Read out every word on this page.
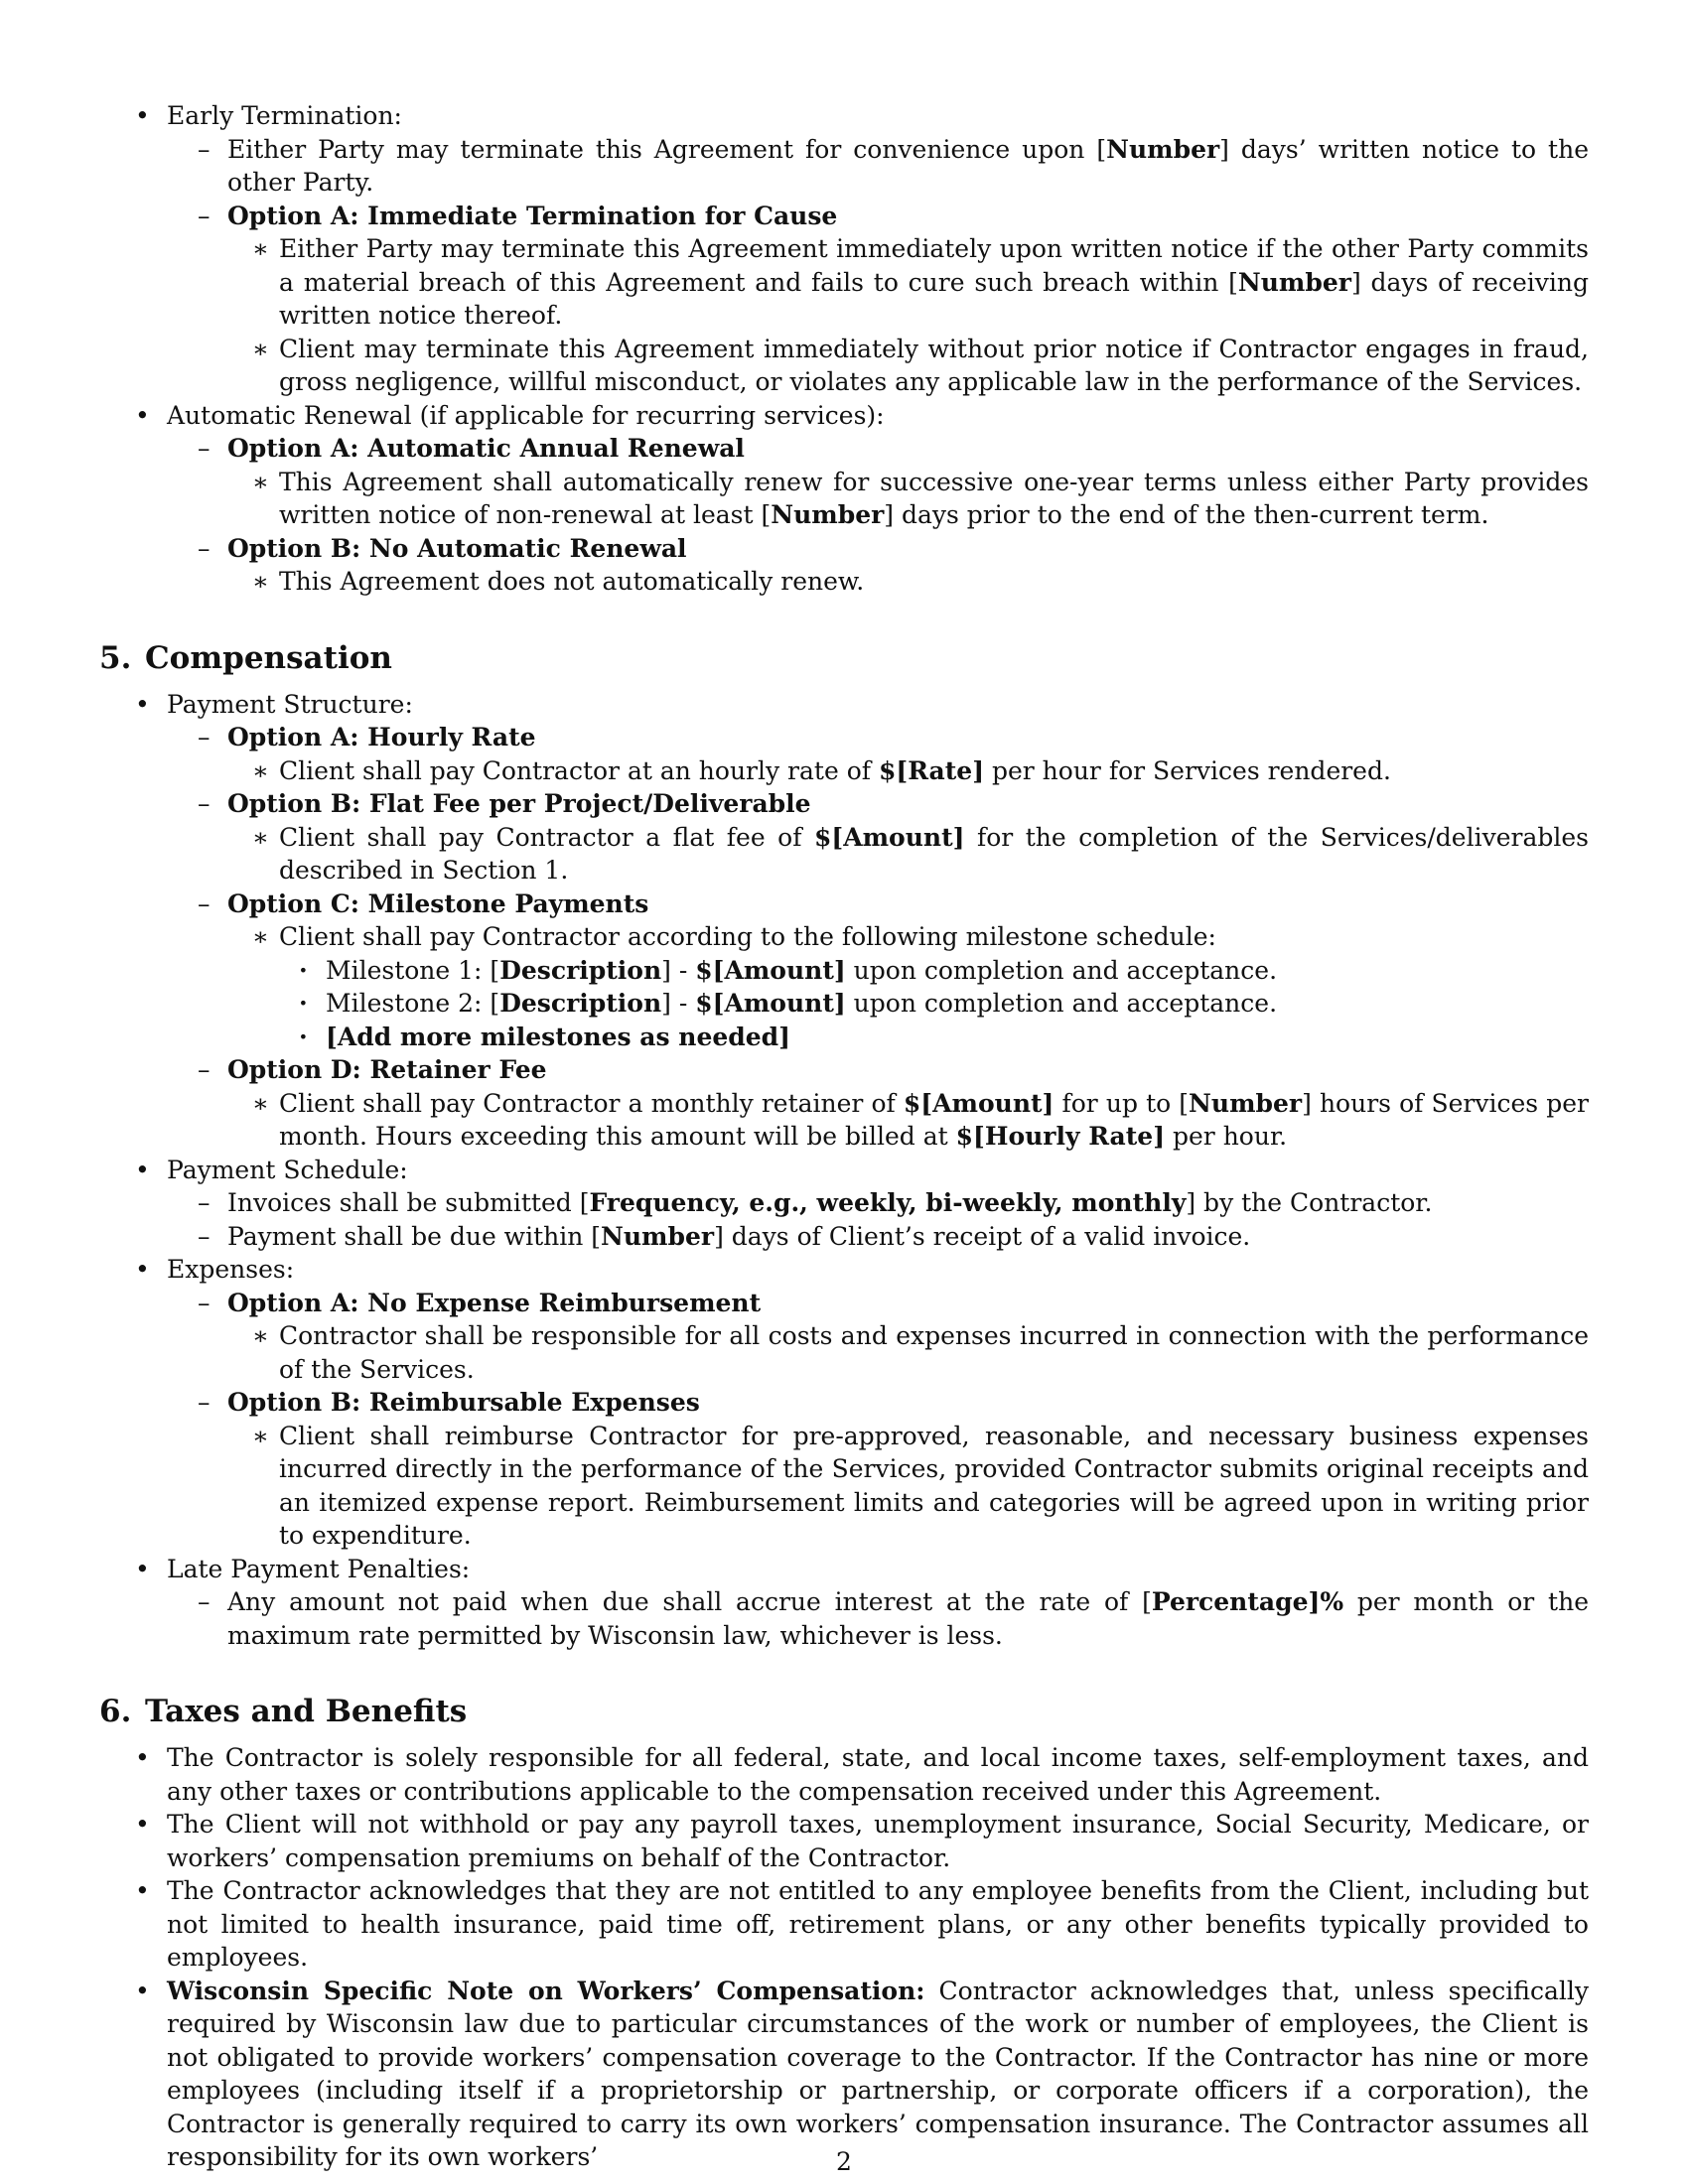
• Early Termination:
– Either Party may terminate this Agreement for convenience upon [Number] days’ written notice to the other Party.
– Option A: Immediate Termination for Cause
∗ Either Party may terminate this Agreement immediately upon written notice if the other Party commits a material breach of this Agreement and fails to cure such breach within [Number] days of receiving written notice thereof.
∗ Client may terminate this Agreement immediately without prior notice if Contractor engages in fraud, gross negligence, willful misconduct, or violates any applicable law in the performance of the Services.
• Automatic Renewal (if applicable for recurring services):
– Option A: Automatic Annual Renewal
∗ This Agreement shall automatically renew for successive one-year terms unless either Party provides written notice of non-renewal at least [Number] days prior to the end of the then-current term.
– Option B: No Automatic Renewal
∗ This Agreement does not automatically renew.
5. Compensation
• Payment Structure:
– Option A: Hourly Rate
∗ Client shall pay Contractor at an hourly rate of $[Rate] per hour for Services rendered.
– Option B: Flat Fee per Project/Deliverable
∗ Client shall pay Contractor a flat fee of $[Amount] for the completion of the Services/deliverables described in Section 1.
– Option C: Milestone Payments
∗ Client shall pay Contractor according to the following milestone schedule:
· Milestone 1: [Description] - $[Amount] upon completion and acceptance.
· Milestone 2: [Description] - $[Amount] upon completion and acceptance.
· [Add more milestones as needed]
– Option D: Retainer Fee
∗ Client shall pay Contractor a monthly retainer of $[Amount] for up to [Number] hours of Services per month. Hours exceeding this amount will be billed at $[Hourly Rate] per hour.
• Payment Schedule:
– Invoices shall be submitted [Frequency, e.g., weekly, bi-weekly, monthly] by the Contractor.
– Payment shall be due within [Number] days of Client’s receipt of a valid invoice.
• Expenses:
– Option A: No Expense Reimbursement
∗ Contractor shall be responsible for all costs and expenses incurred in connection with the performance of the Services.
– Option B: Reimbursable Expenses
∗ Client shall reimburse Contractor for pre-approved, reasonable, and necessary business expenses incurred directly in the performance of the Services, provided Contractor submits original receipts and an itemized expense report. Reimbursement limits and categories will be agreed upon in writing prior to expenditure.
• Late Payment Penalties:
– Any amount not paid when due shall accrue interest at the rate of [Percentage]% per month or the maximum rate permitted by Wisconsin law, whichever is less.
6. Taxes and Benefits
• The Contractor is solely responsible for all federal, state, and local income taxes, self-employment taxes, and any other taxes or contributions applicable to the compensation received under this Agreement.
• The Client will not withhold or pay any payroll taxes, unemployment insurance, Social Security, Medicare, or workers’ compensation premiums on behalf of the Contractor.
• The Contractor acknowledges that they are not entitled to any employee benefits from the Client, including but not limited to health insurance, paid time off, retirement plans, or any other benefits typically provided to employees.
• Wisconsin Specific Note on Workers’ Compensation: Contractor acknowledges that, unless specifically required by Wisconsin law due to particular circumstances of the work or number of employees, the Client is not obligated to provide workers’ compensation coverage to the Contractor. If the Contractor has nine or more employees (including itself if a proprietorship or partnership, or corporate officers if a corporation), the Contractor is generally required to carry its own workers’ compensation insurance. The Contractor assumes all responsibility for its own workers’	2
